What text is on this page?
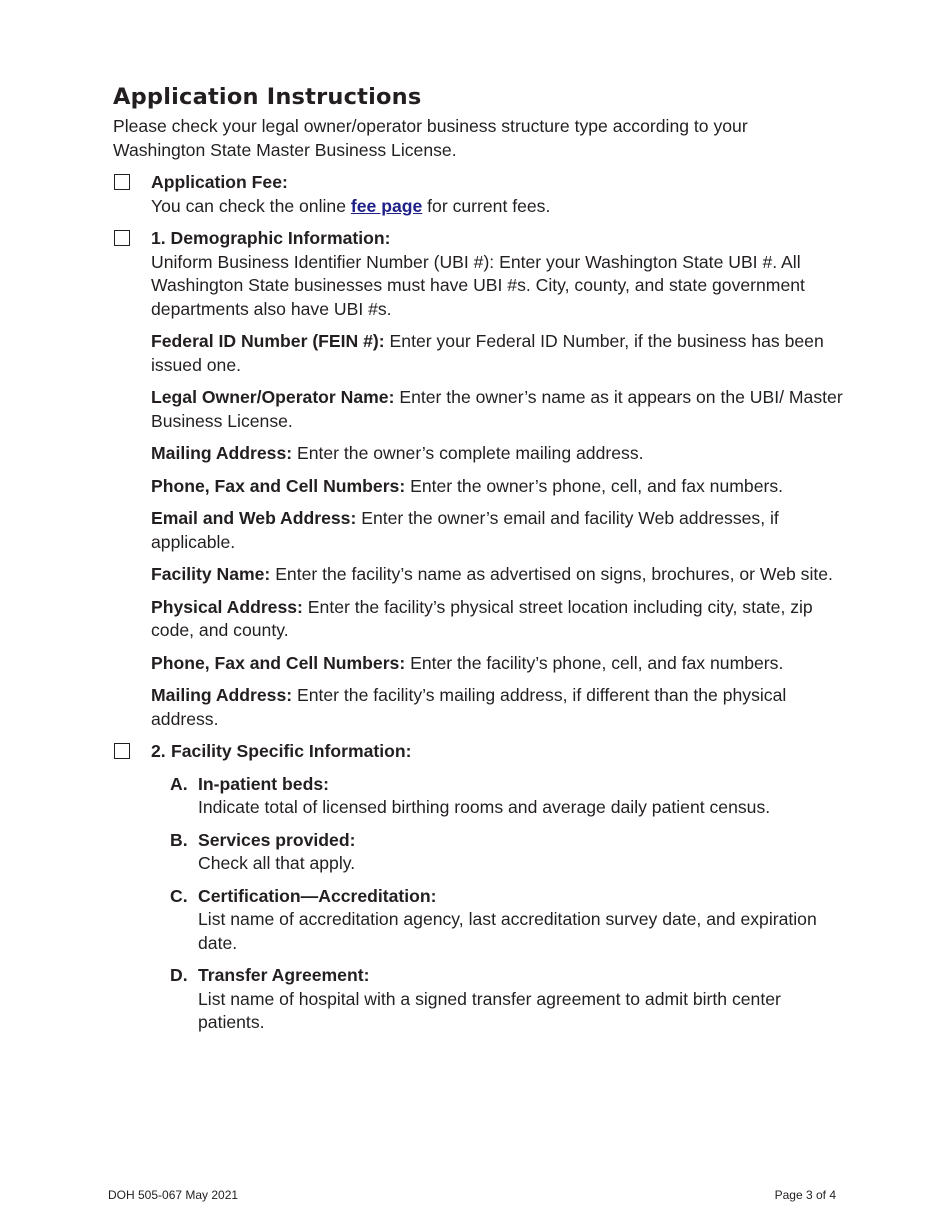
Application Instructions

Please check your legal owner/operator business structure type according to your Washington State Master Business License.

Application Fee:
You can check the online fee page for current fees.
1. Demographic Information:
Uniform Business Identifier Number (UBI #): Enter your Washington State UBI #. All Washington State businesses must have UBI #s. City, county, and state government departments also have UBI #s.

Federal ID Number (FEIN #): Enter your Federal ID Number, if the business has been issued one.

Legal Owner/Operator Name: Enter the owner’s name as it appears on the UBI/ Master Business License.

Mailing Address: Enter the owner’s complete mailing address.

Phone, Fax and Cell Numbers: Enter the owner’s phone, cell, and fax numbers.

Email and Web Address: Enter the owner’s email and facility Web addresses, if applicable.

Facility Name: Enter the facility’s name as advertised on signs, brochures, or Web site.

Physical Address: Enter the facility’s physical street location including city, state, zip code, and county.

Phone, Fax and Cell Numbers: Enter the facility’s phone, cell, and fax numbers.

Mailing Address: Enter the facility’s mailing address, if different than the physical address.

2. Facility Specific Information:
A. In-patient beds:
Indicate total of licensed birthing rooms and average daily patient census.
B. Services provided:
Check all that apply.
C. Certification—Accreditation:
List name of accreditation agency, last accreditation survey date, and expiration date.
D. Transfer Agreement:
List name of hospital with a signed transfer agreement to admit birth center patients.
DOH 505-067 May 2021	Page 3 of 4
